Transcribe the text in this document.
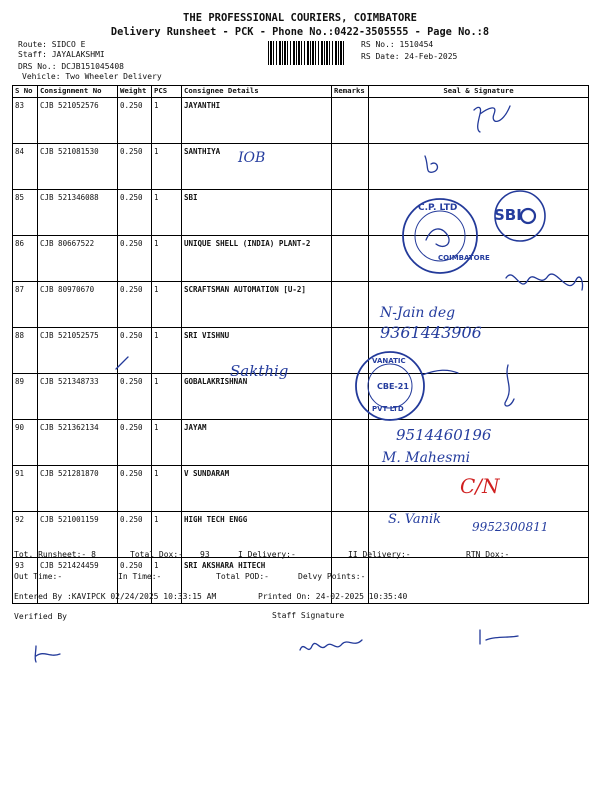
THE PROFESSIONAL COURIERS, COIMBATORE
Delivery Runsheet - PCK - Phone No.:0422-3505555 - Page No.:8
Route: SIDCO E
Staff: JAYALAKSHMI
DRS No.: DCJB151045408
Vehicle: Two Wheeler Delivery
RS No.: 1510454
RS Date: 24-Feb-2025
S No	Consignment No	Weight	PCS	Consignee Details	Remarks	Seal & Signature
83	CJB 521052576	0.250	1	JAYANTHI		
84	CJB 521081530	0.250	1	SANTHIYA		
85	CJB 521346088	0.250	1	SBI		
86	CJB 80667522	0.250	1	UNIQUE SHELL (INDIA) PLANT-2		
87	CJB 80970670	0.250	1	SCRAFTSMAN AUTOMATION [U-2]		
88	CJB 521052575	0.250	1	SRI VISHNU		
89	CJB 521348733	0.250	1	GOBALAKRISHNAN		
90	CJB 521362134	0.250	1	JAYAM		
91	CJB 521281870	0.250	1	V SUNDARAM		
92	CJB 521001159	0.250	1	HIGH TECH ENGG		
93	CJB 521424459	0.250	1	SRI AKSHARA HITECH		
IOB
C.P. LTD
COIMBATORE
SBI
N-Jain deg
9361443906
Sakthig
VANATIC
CBE-21
PVT LTD
9514460196
M. Mahesmi
C/N
S. Vanik	9952300811
Tot. Runsheet:- 8	Total Dox:- 93	I Delivery:-	II Delivery:-	RTN Dox:-
Out Time:-	In Time:-	Total POD:-	Delvy Points:-
Entered By :KAVIPCK 02/24/2025 10:33:15 AM	Printed On: 24-02-2025 10:35:40
Verified By	Staff Signature
